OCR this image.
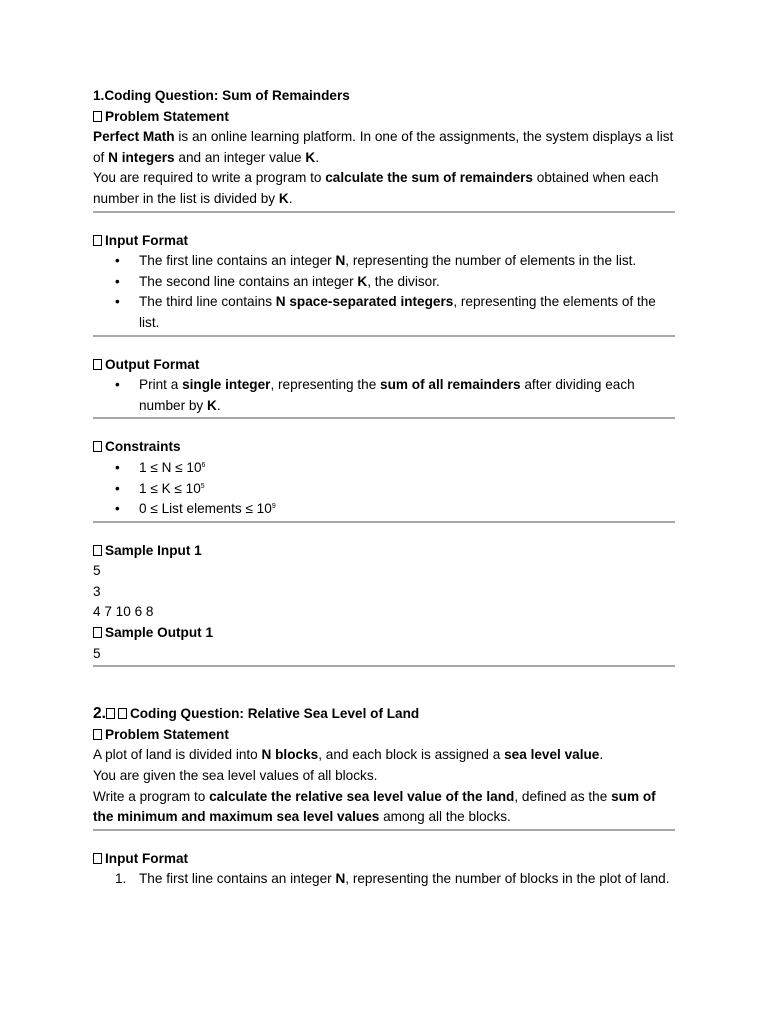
1.Coding Question: Sum of Remainders

Problem Statement

Perfect Math is an online learning platform. In one of the assignments, the system displays a list of N integers and an integer value K.

You are required to write a program to calculate the sum of remainders obtained when each number in the list is divided by K.

Input Format

• The first line contains an integer N, representing the number of elements in the list.
• The second line contains an integer K, the divisor.
• The third line contains N space-separated integers, representing the elements of the list.

Output Format

• Print a single integer, representing the sum of all remainders after dividing each number by K.

Constraints

• $1 \le N \le 10^6$
• $1 \le K \le 10^5$
• 0 ≤ List elements ≤ $10^9$

Sample Input 1

5

3

4 7 10 6 8

Sample Output 1

5

2. Coding Question: Relative Sea Level of Land

Problem Statement

A plot of land is divided into N blocks, and each block is assigned a sea level value.

You are given the sea level values of all blocks.

Write a program to calculate the relative sea level value of the land, defined as the sum of the minimum and maximum sea level values among all the blocks.

Input Format

1. The first line contains an integer N, representing the number of blocks in the plot of land.
